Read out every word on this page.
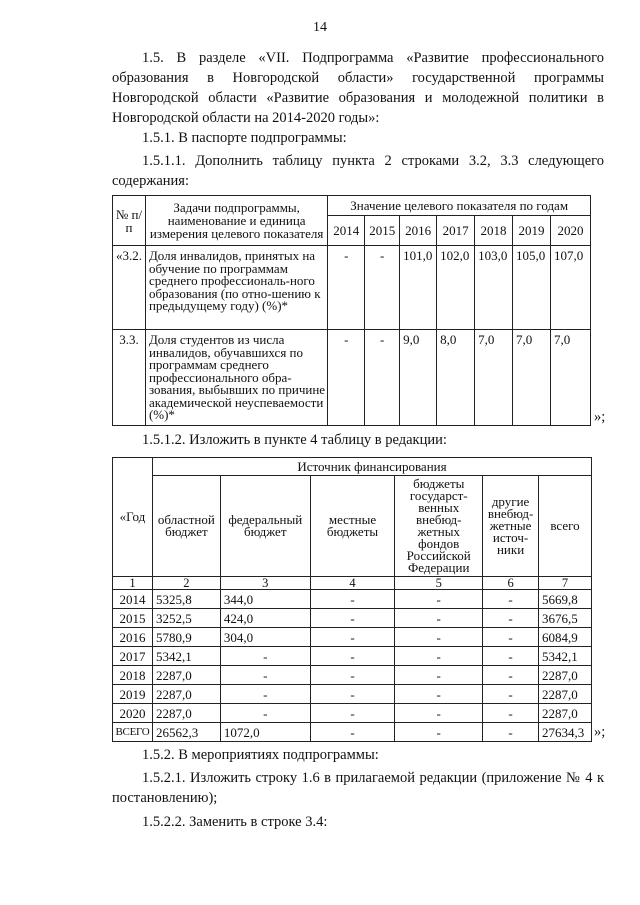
14
1.5. В разделе «VII. Подпрограмма «Развитие профессионального образования в Новгородской области» государственной программы Новгородской области «Развитие образования и молодежной политики в Новгородской области на 2014-2020 годы»:
1.5.1. В паспорте подпрограммы:
1.5.1.1. Дополнить таблицу пункта 2 строками 3.2, 3.3 следующего содержания:
№ п/п	Задачи подпрограммы, наименование и единица измерения целевого показателя	Значение целевого показателя по годам						
		2014	2015	2016	2017	2018	2019	2020
«3.2.	Доля инвалидов, принятых на обучение по программам среднего профессиональ-ного образования (по отно-шению к предыдущему году) (%)*	-	-	101,0	102,0	103,0	105,0	107,0
3.3.	Доля студентов из числа инвалидов, обучавшихся по программам среднего профессионального обра-зования, выбывших по причине академической неуспеваемости (%)*	-	-	9,0	8,0	7,0	7,0	7,0
»;
1.5.1.2. Изложить в пункте 4 таблицу в редакции:
«Год	Источник финансирования					
	областной бюджет	федеральный бюджет	местные бюджеты	бюджеты государст-венных внебюд-жетных фондов Российской Федерации	другие внебюд-жетные источ-ники	всего
1	2	3	4	5	6	7
2014	5325,8	344,0	-	-	-	5669,8
2015	3252,5	424,0	-	-	-	3676,5
2016	5780,9	304,0	-	-	-	6084,9
2017	5342,1	-	-	-	-	5342,1
2018	2287,0	-	-	-	-	2287,0
2019	2287,0	-	-	-	-	2287,0
2020	2287,0	-	-	-	-	2287,0
ВСЕГО	26562,3	1072,0	-	-	-	27634,3 »;
1.5.2. В мероприятиях подпрограммы:
1.5.2.1. Изложить строку 1.6 в прилагаемой редакции (приложение № 4 к постановлению);
1.5.2.2. Заменить в строке 3.4:
